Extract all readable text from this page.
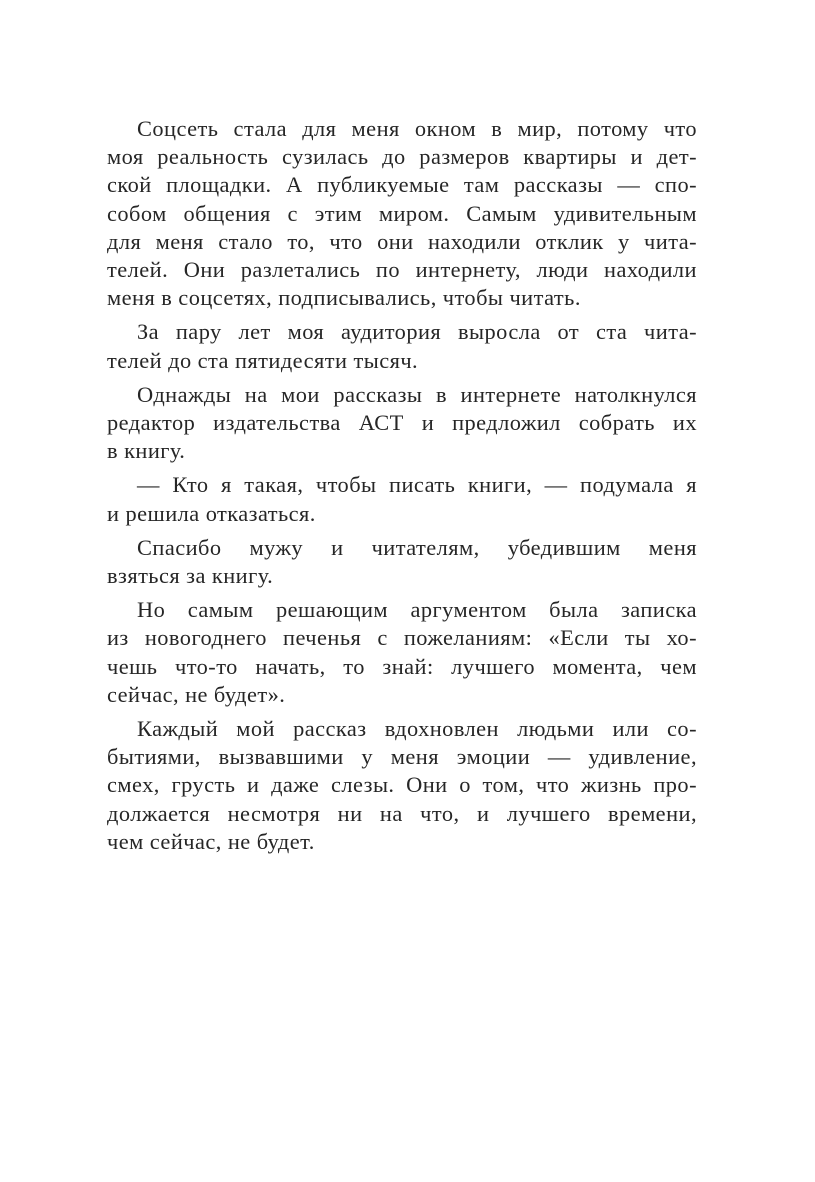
Соцсеть стала для меня окном в мир, потому что
моя реальность сузилась до размеров квартиры и дет-
ской площадки. А публикуемые там рассказы — спо-
собом общения с этим миром. Самым удивительным
для меня стало то, что они находили отклик у чита-
телей. Они разлетались по интернету, люди находили
меня в соцсетях, подписывались, чтобы читать.

За пару лет моя аудитория выросла от ста чита-
телей до ста пятидесяти тысяч.

Однажды на мои рассказы в интернете натолкнулся
редактор издательства АСТ и предложил собрать их
в книгу.

— Кто я такая, чтобы писать книги, — подумала я
и решила отказаться.

Спасибо мужу и читателям, убедившим меня
взяться за книгу.

Но самым решающим аргументом была записка
из новогоднего печенья с пожеланиям: «Если ты хо-
чешь что-то начать, то знай: лучшего момента, чем
сейчас, не будет».

Каждый мой рассказ вдохновлен людьми или со-
бытиями, вызвавшими у меня эмоции — удивление,
смех, грусть и даже слезы. Они о том, что жизнь про-
должается несмотря ни на что, и лучшего времени,
чем сейчас, не будет.
